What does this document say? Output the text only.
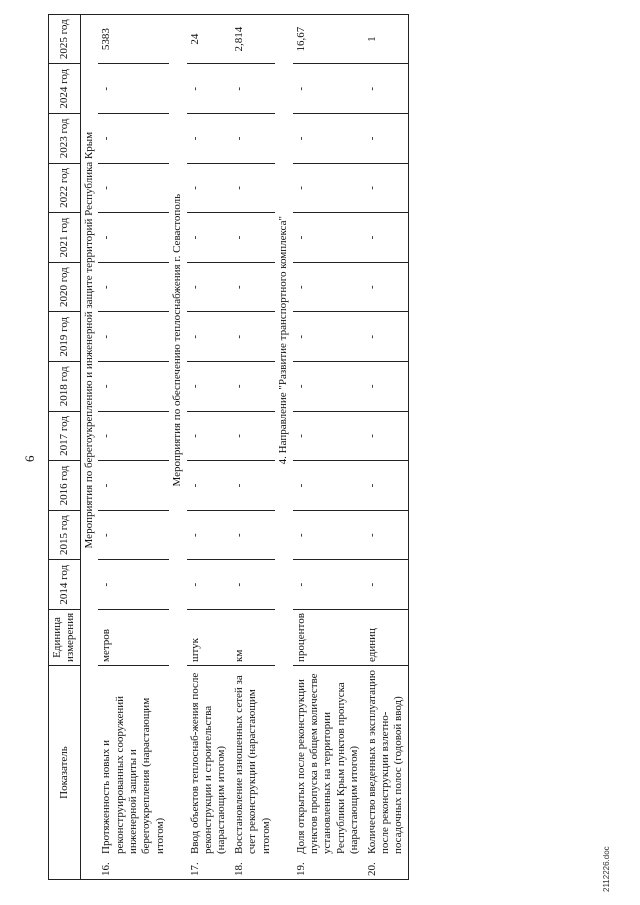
6
Показатель	Единица измерения	2014 год	2015 год	2016 год	2017 год	2018 год	2019 год	2020 год	2021 год	2022 год	2023 год	2024 год	2025 год
	Мероприятия по берегоукреплению и инженерной защите территорий Республика Крым												

16.
Протяженность новых и реконструированных сооружений инженерной защиты и берегоукрепления (нарастающим итогом)	метров	-	-	-	-	-	-	-	-	-	-	-	5383
	Мероприятия по обеспечению теплоснабжения г. Севастополь												

17.
Ввод объектов теплоснаб-жения после реконструкции и строительства (нарастающим итогом)	штук	-	-	-	-	-	-	-	-	-	-	-	24

18.
Восстановление изношенных сетей за счет реконструкции (нарастающим итогом)	км	-	-	-	-	-	-	-	-	-	-	-	2,814
	4. Направление "Развитие транспортного комплекса"												

19.
Доля открытых после реконструкции пунктов пропуска в общем количестве установленных на территории Республики Крым пунктов пропуска (нарастающим итогом)	процентов	-	-	-	-	-	-	-	-	-	-	-	16,67

20.
Количество введенных в эксплуатацию после реконструкции взлетно-посадочных полос (годовой ввод)	единиц	-	-	-	-	-	-	-	-	-	-	-	1
2112226.doc
